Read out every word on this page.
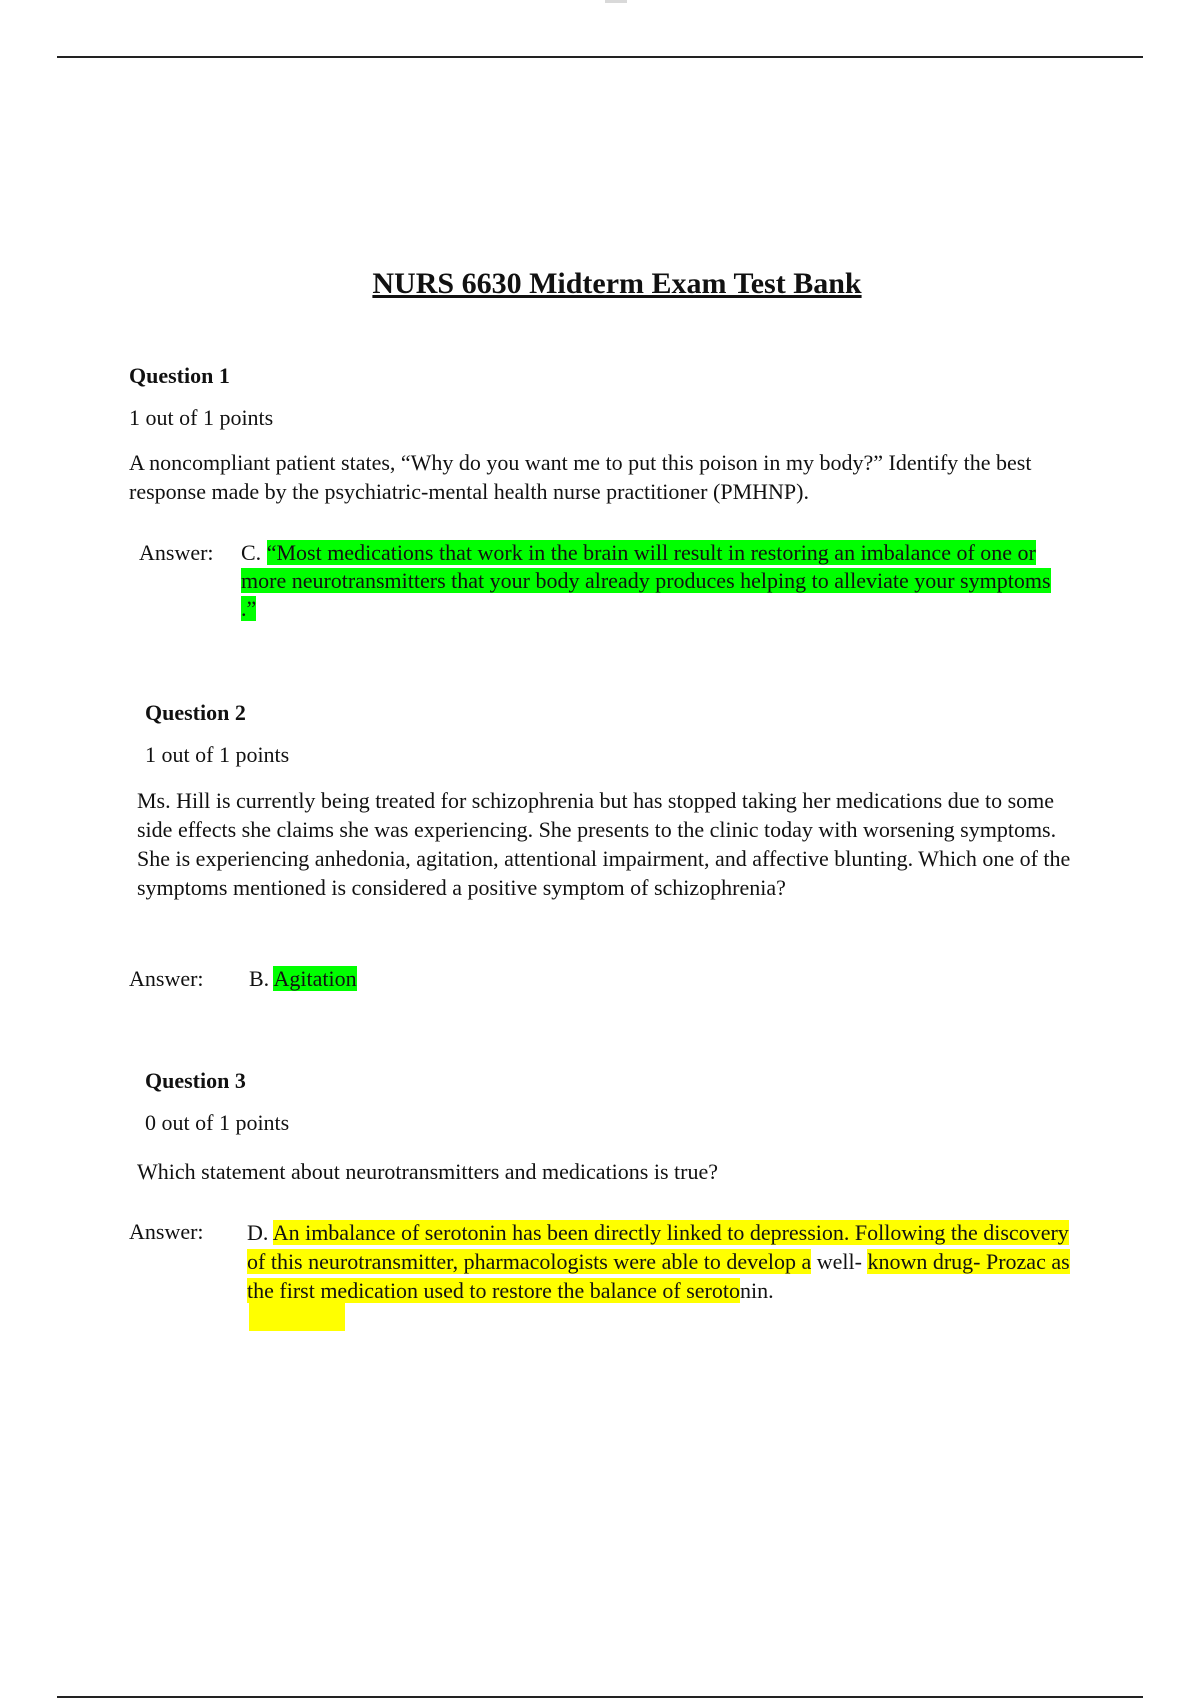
NURS 6630 Midterm Exam Test Bank
Question 1
1 out of 1 points
A noncompliant patient states, “Why do you want me to put this poison in my body?” Identify the best response made by the psychiatric-mental health nurse practitioner (PMHNP).
Answer: C. “Most medications that work in the brain will result in restoring an imbalance of one or more neurotransmitters that your body already produces helping to alleviate your symptoms .”
Question 2
1 out of 1 points
Ms. Hill is currently being treated for schizophrenia but has stopped taking her medications due to some side effects she claims she was experiencing. She presents to the clinic today with worsening symptoms. She is experiencing anhedonia, agitation, attentional impairment, and affective blunting. Which one of the symptoms mentioned is considered a positive symptom of schizophrenia?
Answer: B. Agitation
Question 3
0 out of 1 points
Which statement about neurotransmitters and medications is true?
Answer: D. An imbalance of serotonin has been directly linked to depression. Following the discovery of this neurotransmitter, pharmacologists were able to develop a well- known drug- Prozac as the first medication used to restore the balance of serotonin.
